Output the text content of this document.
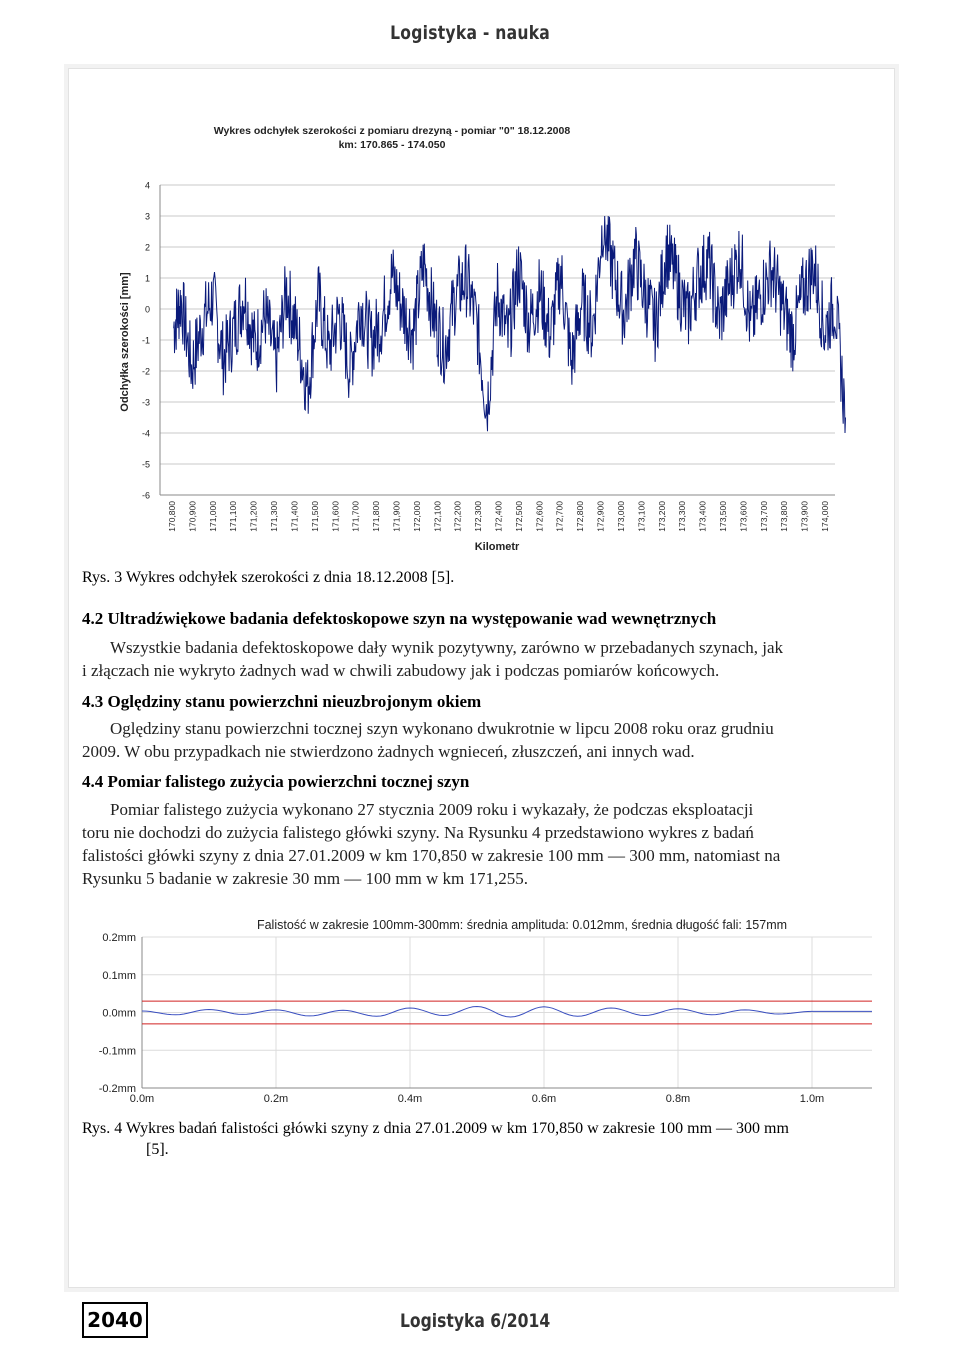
Logistyka - nauka
Wykres odchyłek szerokości z pomiaru drezyną - pomiar "0" 18.12.2008
km: 170.865 - 174.050
Odchyłka szerokości [mm]
Kilometr
4
3
2
1
0
-1
-2
-3
-4
-5
-6
170,800 170,900 171,000 171,100 171,200 171,300 171,400 171,500 171,600 171,700 171,800 171,900 172,000 172,100 172,200 172,300 172,400 172,500 172,600 172,700 172,800 172,900 173,000 173,100 173,200 173,300 173,400 173,500 173,600 173,700 173,800 173,900 174,000
Rys. 3 Wykres odchyłek szerokości z dnia 18.12.2008 [5].
4.2 Ultradźwiękowe badania defektoskopowe szyn na występowanie wad wewnętrznych
Wszystkie badania defektoskopowe dały wynik pozytywny, zarówno w przebadanych szynach, jak
i złączach nie wykryto żadnych wad w chwili zabudowy jak i podczas pomiarów końcowych.
4.3 Oględziny stanu powierzchni nieuzbrojonym okiem
Oględziny stanu powierzchni tocznej szyn wykonano dwukrotnie w lipcu 2008 roku oraz grudniu
2009. W obu przypadkach nie stwierdzono żadnych wgnieceń, złuszczeń, ani innych wad.
4.4 Pomiar falistego zużycia powierzchni tocznej szyn
Pomiar falistego zużycia wykonano 27 stycznia 2009 roku i wykazały, że podczas eksploatacji
toru nie dochodzi do zużycia falistego główki szyny. Na Rysunku 4 przedstawiono wykres z badań
falistości główki szyny z dnia 27.01.2009 w km 170,850 w zakresie 100 mm — 300 mm, natomiast na
Rysunku 5 badanie w zakresie 30 mm — 100 mm w km 171,255.
Falistość w zakresie 100mm-300mm: średnia amplituda: 0.012mm, średnia długość fali: 157mm
0.2mm
0.1mm
0.0mm
-0.1mm
-0.2mm
0.0m	0.2m	0.4m	0.6m	0.8m	1.0m
Rys. 4 Wykres badań falistości główki szyny z dnia 27.01.2009 w km 170,850 w zakresie 100 mm — 300 mm
[5].
2040	Logistyka 6/2014
